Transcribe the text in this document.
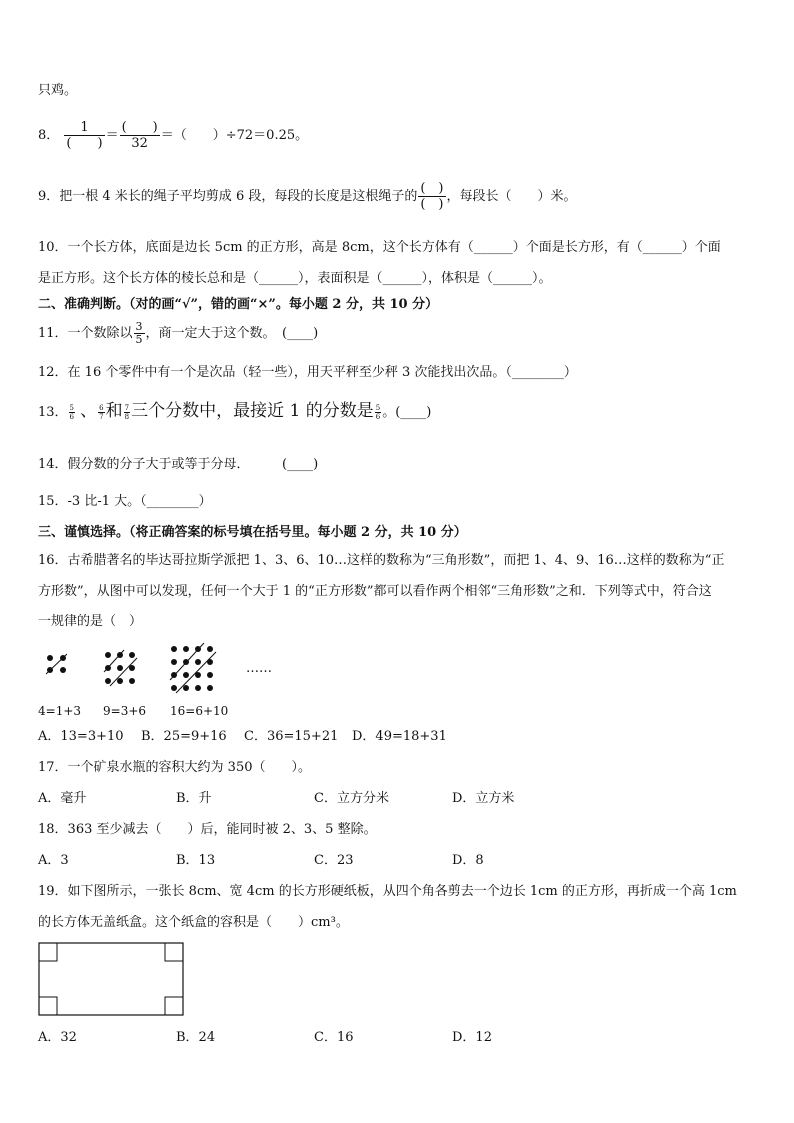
只鸡。
8． $\frac{1}{( )} = \frac{( )}{32}$ ＝（　　）÷72＝0.25。
9．把一根 4 米长的绳子平均剪成 6 段，每段的长度是这根绳子的 $\frac{( )}{( )}$ ，每段长（　　）米。
10．一个长方体，底面是边长 5cm 的正方形，高是 8cm，这个长方体有（______）个面是长方形，有（______）个面
是正方形。这个长方体的棱长总和是（______），表面积是（______），体积是（______）。
二、准确判断。（对的画“√”，错的画“×”。每小题 2 分，共 10 分）
11．一个数除以 $\frac{3}{5}$ ，商一定大于这个数。　(____)
12．在 16 个零件中有一个是次品（轻一些），用天平秤至少秤 3 次能找出次品。（________）
13． $\frac{5}{6}$ 、 $\frac{6}{7}$ 和 $\frac{7}{8}$ 三个分数中，最接近 1 的分数是 $\frac{5}{6}$ 。(____)
14．假分数的分子大于或等于分母．　　　(____)
15．-3 比-1 大。（________）
三、谨慎选择。（将正确答案的标号填在括号里。每小题 2 分，共 10 分）
16．古希腊著名的毕达哥拉斯学派把 1、3、6、10…这样的数称为“三角形数”，而把 1、4、9、16…这样的数称为“正
方形数”，从图中可以发现，任何一个大于 1 的“正方形数”都可以看作两个相邻“三角形数”之和．下列等式中，符合这
一规律的是（　）
……
4=1+3 9=3+6 16=6+10
A．13=3+10 B．25=9+16 C．36=15+21 D．49=18+31
17．一个矿泉水瓶的容积大约为 350（　　）。
A．毫升	B．升	C．立方分米	D．立方米
18．363 至少减去（　　）后，能同时被 2、3、5 整除。
A．3	B．13	C．23	D．8
19．如下图所示，一张长 8cm、宽 4cm 的长方形硬纸板，从四个角各剪去一个边长 1cm 的正方形，再折成一个高 1cm
的长方体无盖纸盒。这个纸盒的容积是（　　）cm³。
A．32	B．24	C．16	D．12
